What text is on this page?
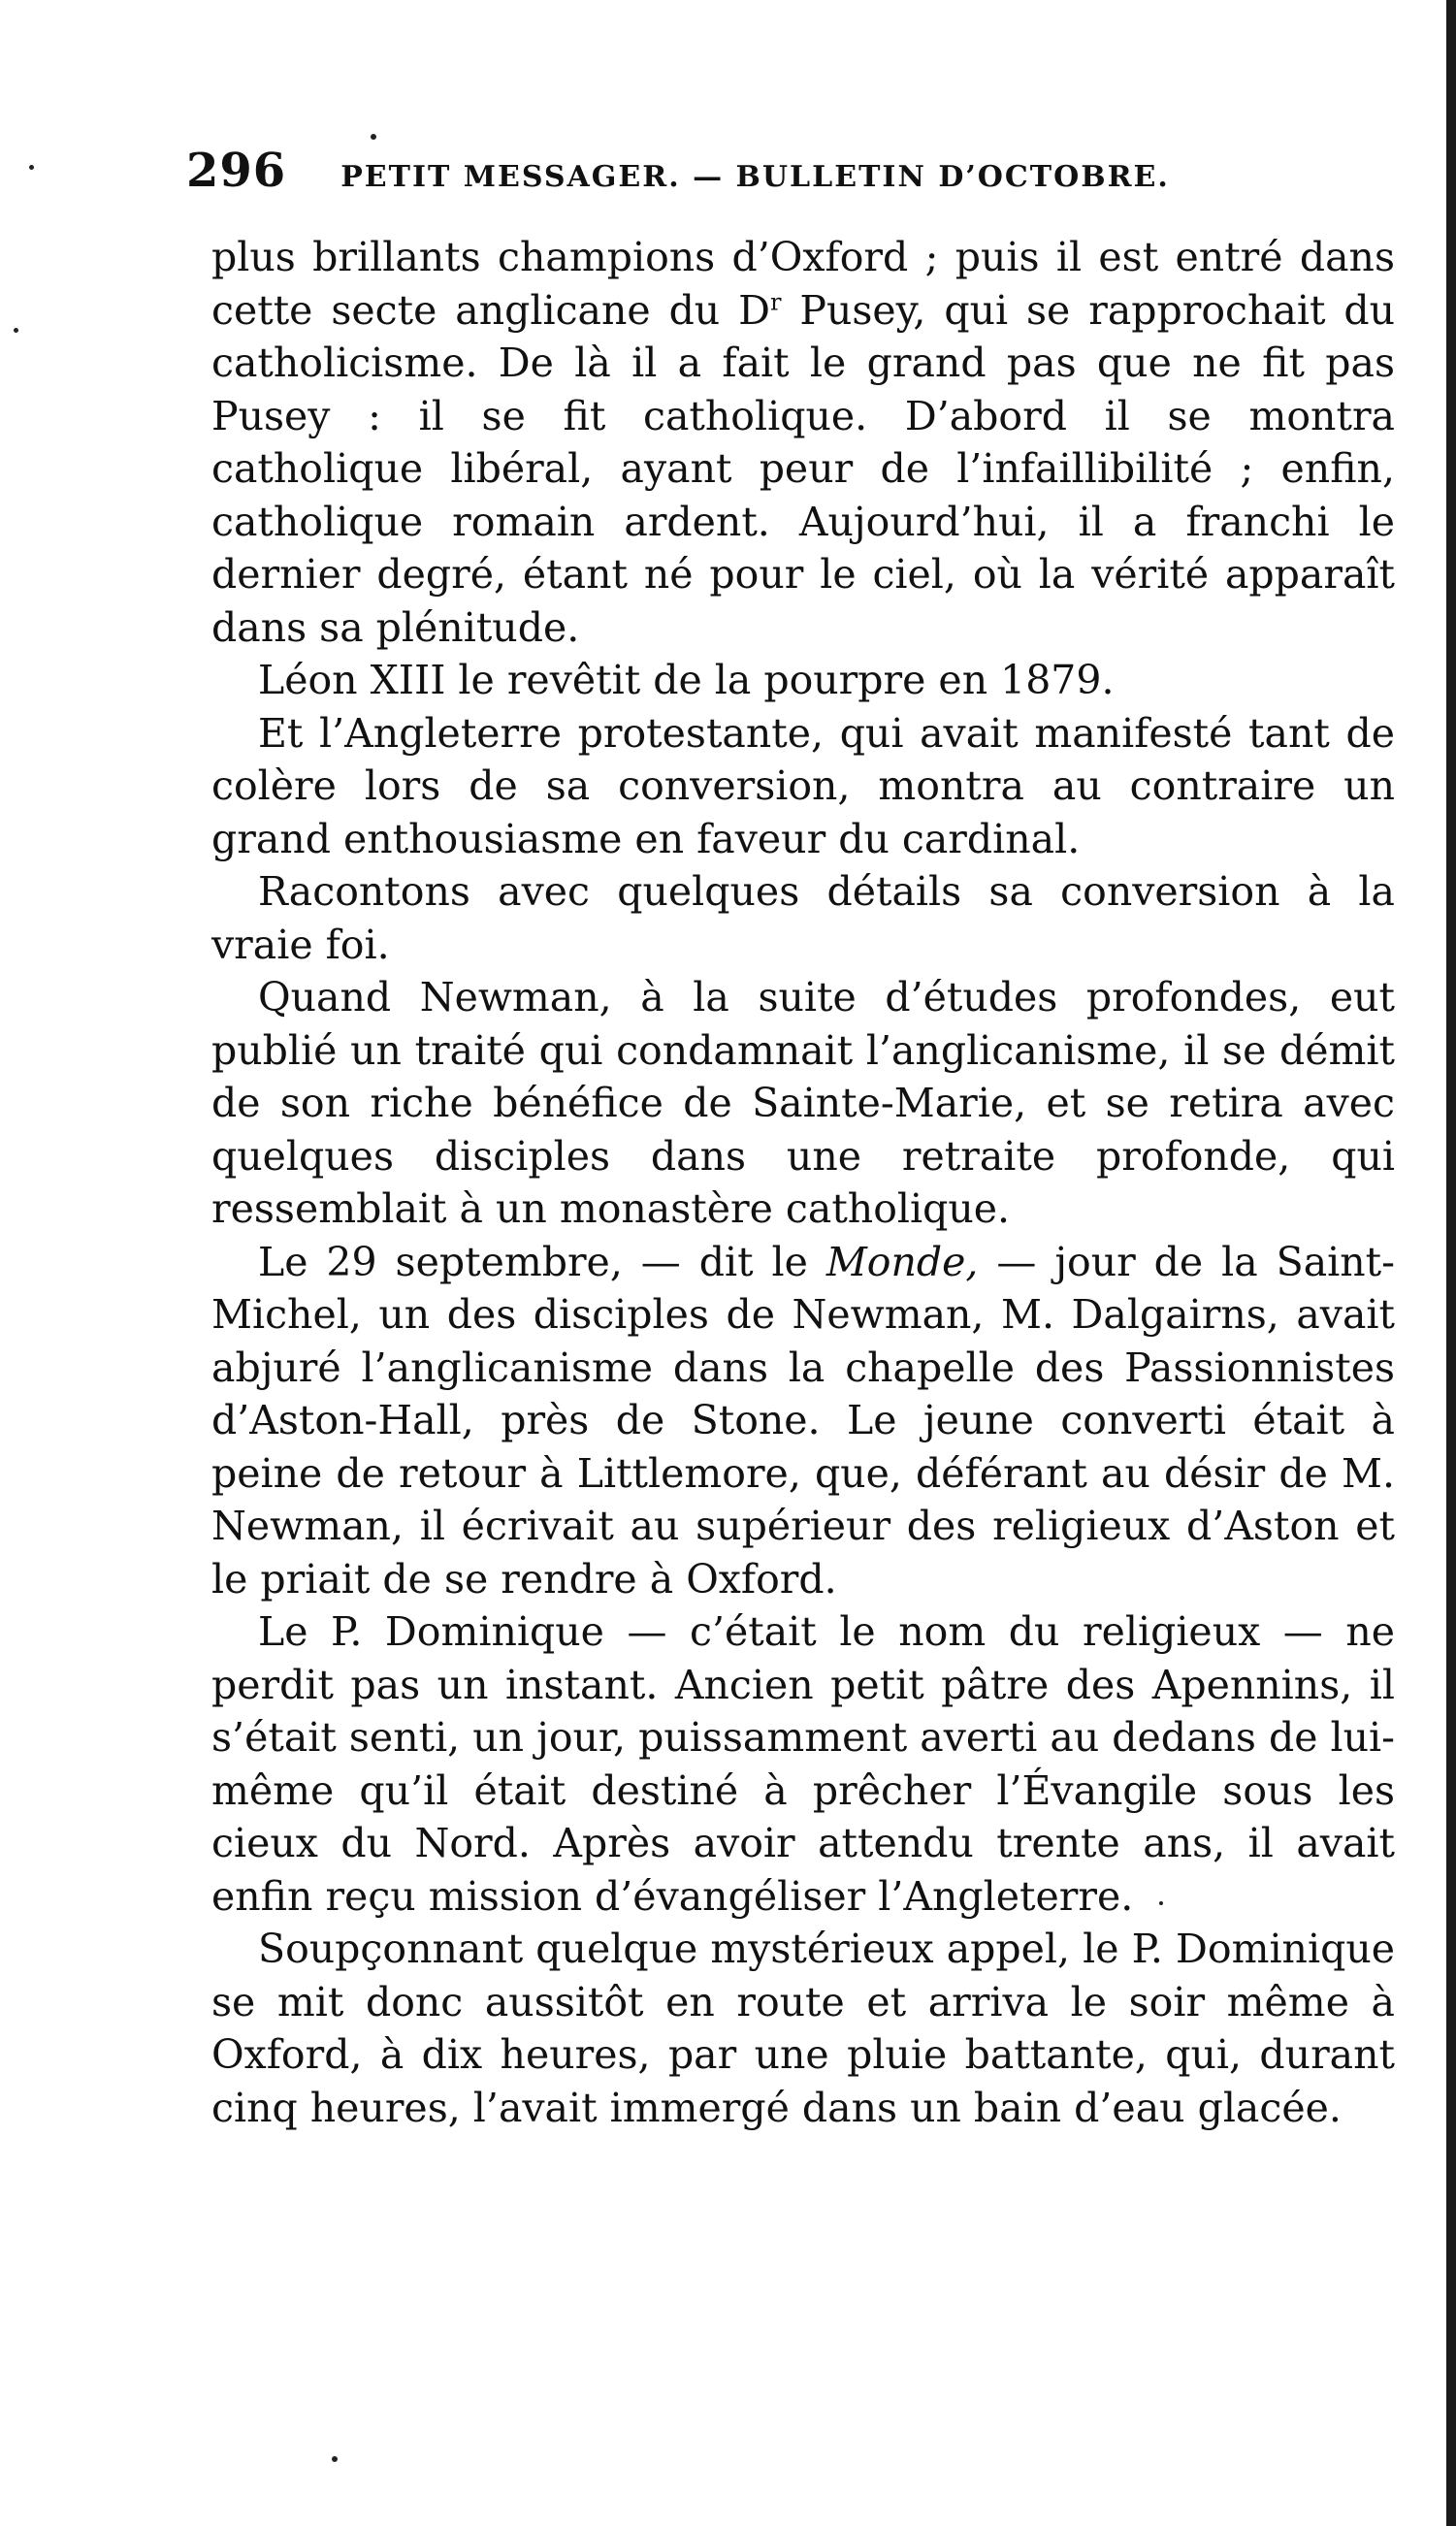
296 PETIT MESSAGER. — BULLETIN D’OCTOBRE.

plus brillants champions d’Oxford ; puis il est entré dans cette secte anglicane du $D^r$ Pusey, qui se rapprochait du catholicisme. De là il a fait le grand pas que ne fit pas Pusey : il se fit catholique. D’abord il se montra catholique libéral, ayant peur de l’infaillibilité ; enfin, catholique romain ardent. Aujourd’hui, il a franchi le dernier degré, étant né pour le ciel, où la vérité apparaît dans sa plénitude.

Léon XIII le revêtit de la pourpre en 1879.

Et l’Angleterre protestante, qui avait manifesté tant de colère lors de sa conversion, montra au contraire un grand enthousiasme en faveur du cardinal.

Racontons avec quelques détails sa conversion à la vraie foi.

Quand Newman, à la suite d’études profondes, eut publié un traité qui condamnait l’anglicanisme, il se démit de son riche bénéfice de Sainte-Marie, et se retira avec quelques disciples dans une retraite profonde, qui ressemblait à un monastère catholique.

Le 29 septembre, — dit le Monde, — jour de la Saint-Michel, un des disciples de Newman, M. Dalgairns, avait abjuré l’anglicanisme dans la chapelle des Passionnistes d’Aston-Hall, près de Stone. Le jeune converti était à peine de retour à Littlemore, que, déférant au désir de M. Newman, il écrivait au supérieur des religieux d’Aston et le priait de se rendre à Oxford.

Le P. Dominique — c’était le nom du religieux — ne perdit pas un instant. Ancien petit pâtre des Apennins, il s’était senti, un jour, puissamment averti au dedans de lui-même qu’il était destiné à prêcher l’Évangile sous les cieux du Nord. Après avoir attendu trente ans, il avait enfin reçu mission d’évangéliser l’Angleterre.

Soupçonnant quelque mystérieux appel, le P. Dominique se mit donc aussitôt en route et arriva le soir même à Oxford, à dix heures, par une pluie battante, qui, durant cinq heures, l’avait immergé dans un bain d’eau glacée.
